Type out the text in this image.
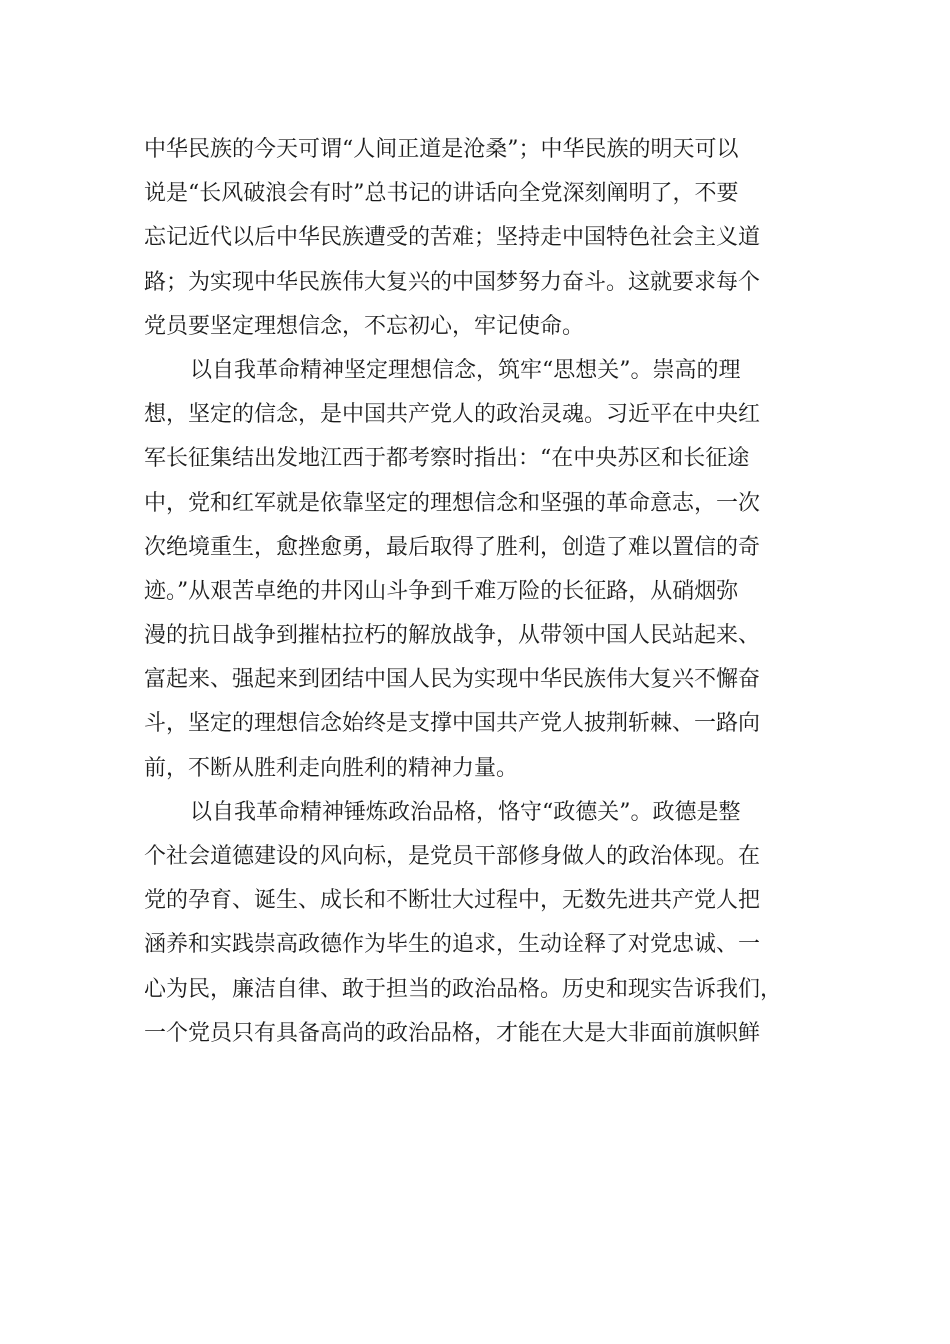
中华民族的今天可谓“人间正道是沧桑”；中华民族的明天可以
说是“长风破浪会有时”总书记的讲话向全党深刻阐明了，不要
忘记近代以后中华民族遭受的苦难；坚持走中国特色社会主义道
路；为实现中华民族伟大复兴的中国梦努力奋斗。这就要求每个
党员要坚定理想信念，不忘初心，牢记使命。
以自我革命精神坚定理想信念，筑牢“思想关”。崇高的理
想，坚定的信念，是中国共产党人的政治灵魂。习近平在中央红
军长征集结出发地江西于都考察时指出：“在中央苏区和长征途
中，党和红军就是依靠坚定的理想信念和坚强的革命意志，一次
次绝境重生，愈挫愈勇，最后取得了胜利，创造了难以置信的奇
迹。”从艰苦卓绝的井冈山斗争到千难万险的长征路，从硝烟弥
漫的抗日战争到摧枯拉朽的解放战争，从带领中国人民站起来、
富起来、强起来到团结中国人民为实现中华民族伟大复兴不懈奋
斗，坚定的理想信念始终是支撑中国共产党人披荆斩棘、一路向
前，不断从胜利走向胜利的精神力量。
以自我革命精神锤炼政治品格，恪守“政德关”。政德是整
个社会道德建设的风向标，是党员干部修身做人的政治体现。在
党的孕育、诞生、成长和不断壮大过程中，无数先进共产党人把
涵养和实践崇高政德作为毕生的追求，生动诠释了对党忠诚、一
心为民，廉洁自律、敢于担当的政治品格。历史和现实告诉我们，
一个党员只有具备高尚的政治品格，才能在大是大非面前旗帜鲜
